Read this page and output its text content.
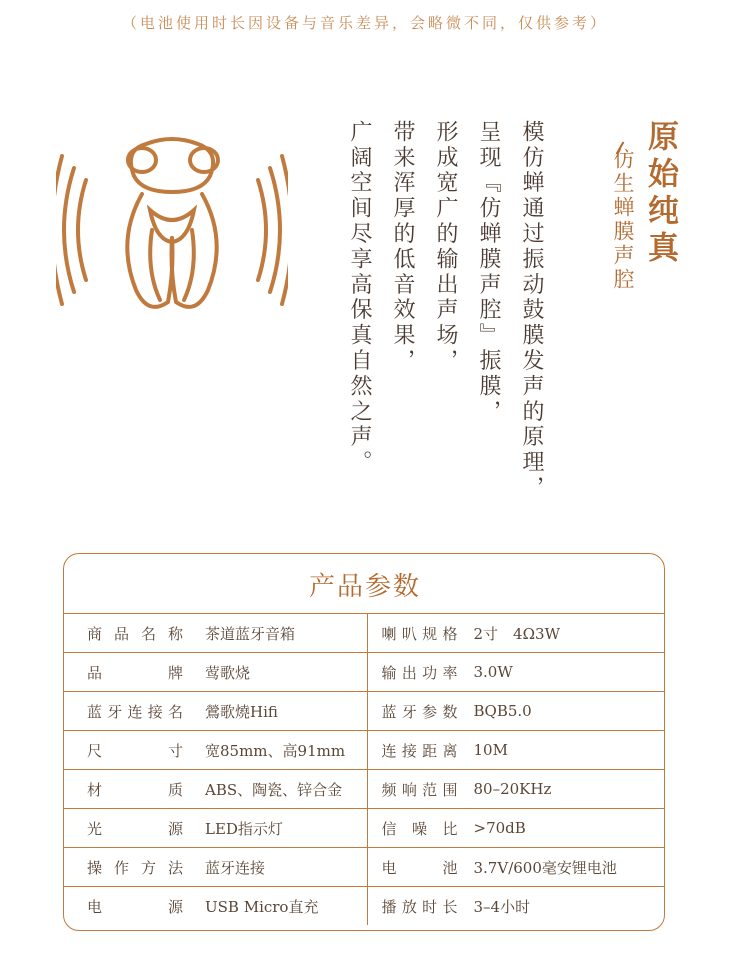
（电池使用时长因设备与音乐差异，会略微不同，仅供参考）
广阔空间尽享高保真自然之声。 带来浑厚的低音效果， 形成宽广的输出声场， 呈现『仿蝉膜声腔』振膜， 模仿蝉通过振动鼓膜发声的原理，	原始纯真
仿生蝉膜声腔
产品参数
商品名称 茶道蓝牙音箱	喇叭规格 2寸　4Ω3W

品　　牌 莺歌烧	输出功率 3.0W

蓝牙连接名 鶯歌燒Hifi	蓝牙参数 BQB5.0

尺　　寸 宽85mm、高91mm	连接距离 10M

材　　质 ABS、陶瓷、锌合金	频响范围 80–20KHz

光　　源 LED指示灯	信 噪 比 >70dB

操作方法 蓝牙连接	电　　池 3.7V/600毫安锂电池

电　　源 USB Micro直充	播放时长 3–4小时
